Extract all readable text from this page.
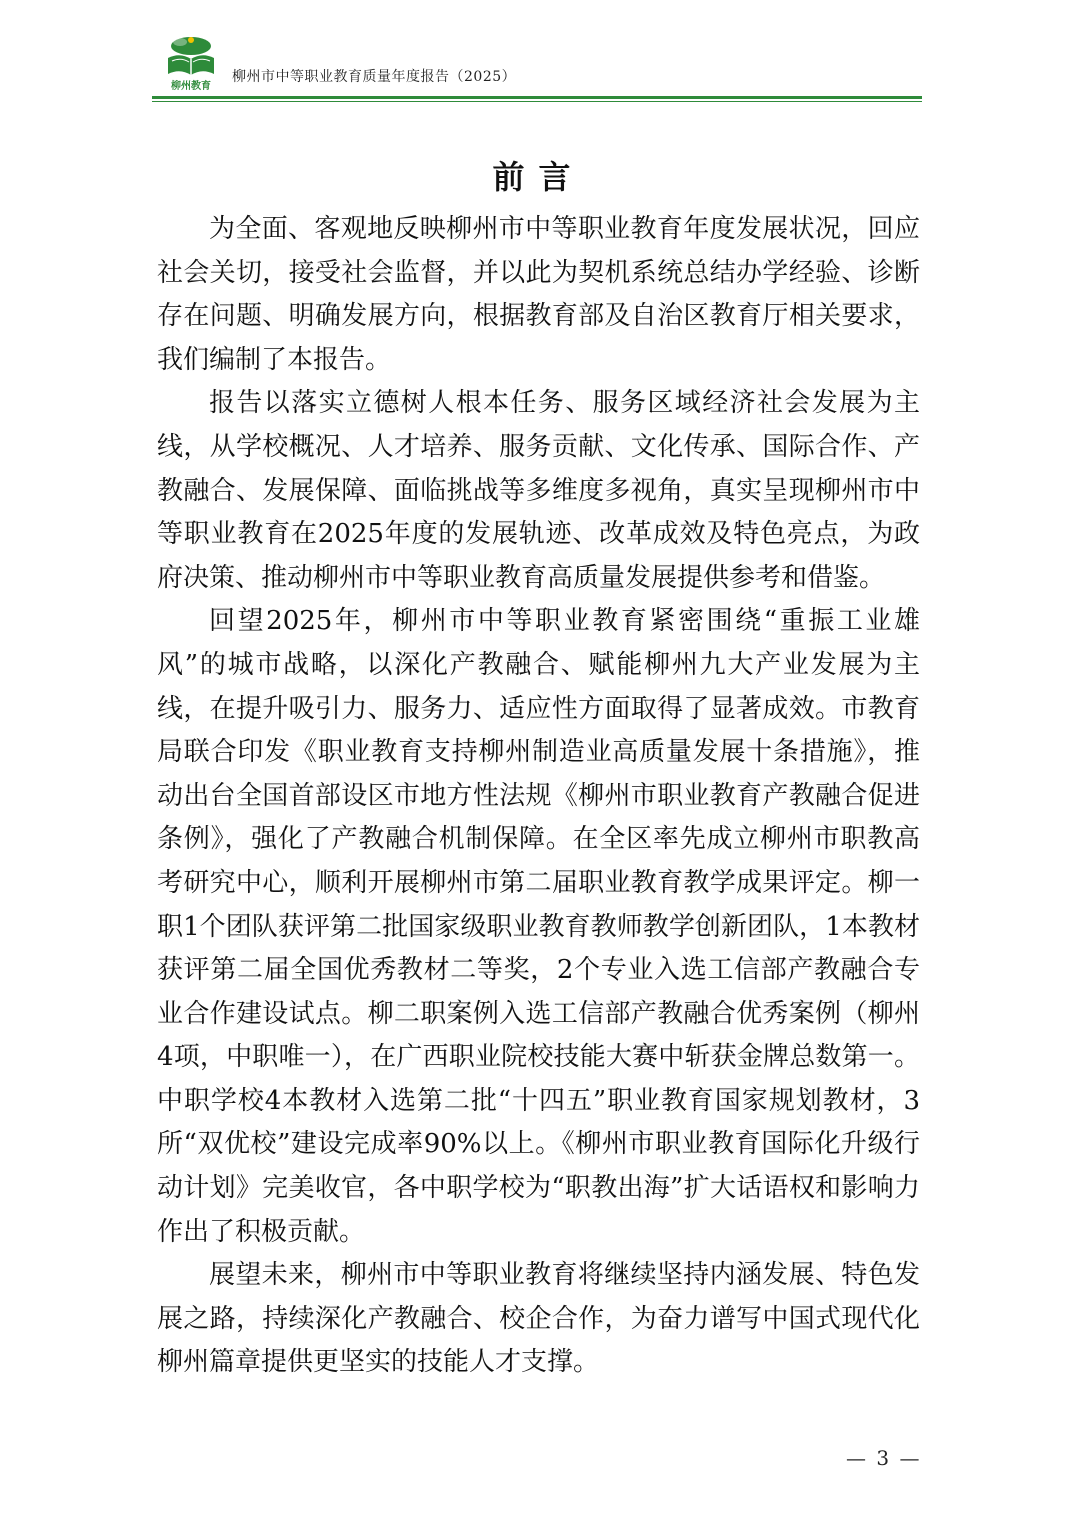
柳州教育
柳州市中等职业教育质量年度报告（2025）
前言

为全面、客观地反映柳州市中等职业教育年度发展状况，回应社会关切，接受社会监督，并以此为契机系统总结办学经验、诊断存在问题、明确发展方向，根据教育部及自治区教育厅相关要求，我们编制了本报告。

报告以落实立德树人根本任务、服务区域经济社会发展为主线，从学校概况、人才培养、服务贡献、文化传承、国际合作、产教融合、发展保障、面临挑战等多维度多视角，真实呈现柳州市中等职业教育在2025年度的发展轨迹、改革成效及特色亮点，为政府决策、推动柳州市中等职业教育高质量发展提供参考和借鉴。

回望2025年，柳州市中等职业教育紧密围绕“重振工业雄风”的城市战略，以深化产教融合、赋能柳州九大产业发展为主线，在提升吸引力、服务力、适应性方面取得了显著成效。市教育局联合印发《职业教育支持柳州制造业高质量发展十条措施》，推动出台全国首部设区市地方性法规《柳州市职业教育产教融合促进条例》，强化了产教融合机制保障。在全区率先成立柳州市职教高考研究中心，顺利开展柳州市第二届职业教育教学成果评定。柳一职1个团队获评第二批国家级职业教育教师教学创新团队，1本教材获评第二届全国优秀教材二等奖，2个专业入选工信部产教融合专业合作建设试点。柳二职案例入选工信部产教融合优秀案例（柳州4项，中职唯一），在广西职业院校技能大赛中斩获金牌总数第一。中职学校4本教材入选第二批“十四五”职业教育国家规划教材，3所“双优校”建设完成率90%以上。《柳州市职业教育国际化升级行动计划》完美收官，各中职学校为“职教出海”扩大话语权和影响力作出了积极贡献。

展望未来，柳州市中等职业教育将继续坚持内涵发展、特色发展之路，持续深化产教融合、校企合作，为奋力谱写中国式现代化柳州篇章提供更坚实的技能人才支撑。

— 3 —
